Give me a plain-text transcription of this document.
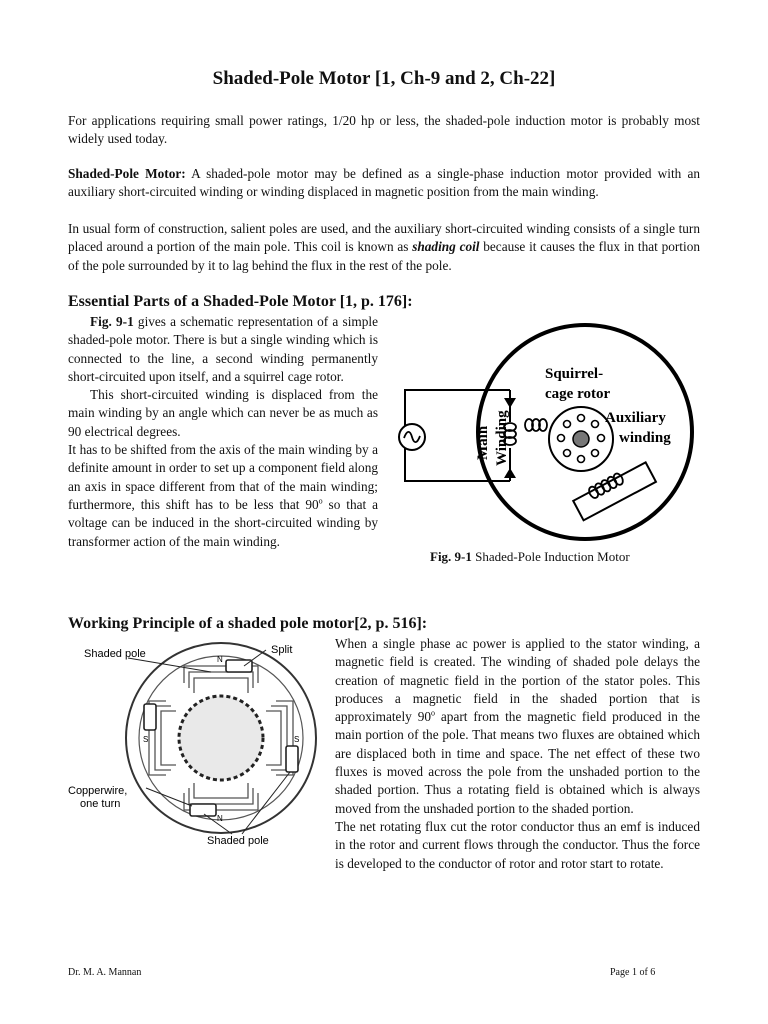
Shaded-Pole Motor [1, Ch-9 and 2, Ch-22]

For applications requiring small power ratings, 1/20 hp or less, the shaded-pole induction motor is probably most widely used today.

Shaded-Pole Motor: A shaded-pole motor may be defined as a single-phase induction motor provided with an auxiliary short-circuited winding or winding displaced in magnetic position from the main winding.

In usual form of construction, salient poles are used, and the auxiliary short-circuited winding consists of a single turn placed around a portion of the main pole. This coil is known as shading coil because it causes the flux in that portion of the pole surrounded by it to lag behind the flux in the rest of the pole.

Essential Parts of a Shaded-Pole Motor [1, p. 176]:

Fig. 9-1 gives a schematic representation of a simple shaded-pole motor. There is but a single winding which is connected to the line, a second winding permanently short-circuited upon itself, and a squirrel cage rotor.

This short-circuited winding is displaced from the main winding by an angle which can never be as much as 90 electrical degrees.

It has to be shifted from the axis of the main winding by a definite amount in order to set up a component field along an axis in space different from that of the main winding; furthermore, this shift has to be less that 90$^o$ so that a voltage can be induced in the short-circuited winding by transformer action of the main winding.

Squirrel-
cage rotor
Auxiliary
winding
Main Winding
Fig. 9-1 Shaded-Pole Induction Motor
Working Principle of a shaded pole motor[2, p. 516]:
Shaded pole	Split
N
N
S	S
Copperwire,
one turn
Shaded pole

When a single phase ac power is applied to the stator winding, a magnetic field is created. The winding of shaded pole delays the creation of magnetic field in the portion of the stator poles. This produces a magnetic field in the shaded portion that is approximately 90$^o$ apart from the magnetic field produced in the main portion of the pole. That means two fluxes are obtained which are displaced both in time and space. The net effect of these two fluxes is moved across the pole from the unshaded portion to the shaded portion. Thus a rotating field is obtained which is always moved from the unshaded portion to the shaded portion.

The net rotating flux cut the rotor conductor thus an emf is induced in the rotor and current flows through the conductor. Thus the force is developed to the conductor of rotor and rotor start to rotate.

Dr. M. A. Mannan	Page 1 of 6
